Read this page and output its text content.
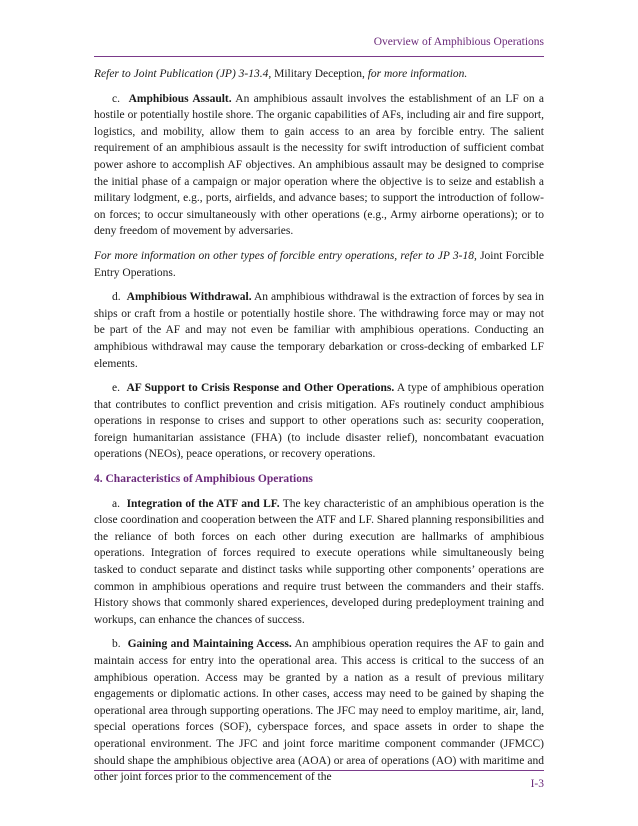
Overview of Amphibious Operations

Refer to Joint Publication (JP) 3-13.4, Military Deception, for more information.

c. Amphibious Assault. An amphibious assault involves the establishment of an LF on a hostile or potentially hostile shore. The organic capabilities of AFs, including air and fire support, logistics, and mobility, allow them to gain access to an area by forcible entry. The salient requirement of an amphibious assault is the necessity for swift introduction of sufficient combat power ashore to accomplish AF objectives. An amphibious assault may be designed to comprise the initial phase of a campaign or major operation where the objective is to seize and establish a military lodgment, e.g., ports, airfields, and advance bases; to support the introduction of follow-on forces; to occur simultaneously with other operations (e.g., Army airborne operations); or to deny freedom of movement by adversaries.

For more information on other types of forcible entry operations, refer to JP 3-18, Joint Forcible Entry Operations.

d. Amphibious Withdrawal. An amphibious withdrawal is the extraction of forces by sea in ships or craft from a hostile or potentially hostile shore. The withdrawing force may or may not be part of the AF and may not even be familiar with amphibious operations. Conducting an amphibious withdrawal may cause the temporary debarkation or cross-decking of embarked LF elements.

e. AF Support to Crisis Response and Other Operations. A type of amphibious operation that contributes to conflict prevention and crisis mitigation. AFs routinely conduct amphibious operations in response to crises and support to other operations such as: security cooperation, foreign humanitarian assistance (FHA) (to include disaster relief), noncombatant evacuation operations (NEOs), peace operations, or recovery operations.

4. Characteristics of Amphibious Operations

a. Integration of the ATF and LF. The key characteristic of an amphibious operation is the close coordination and cooperation between the ATF and LF. Shared planning responsibilities and the reliance of both forces on each other during execution are hallmarks of amphibious operations. Integration of forces required to execute operations while simultaneously being tasked to conduct separate and distinct tasks while supporting other components’ operations are common in amphibious operations and require trust between the commanders and their staffs. History shows that commonly shared experiences, developed during predeployment training and workups, can enhance the chances of success.

b. Gaining and Maintaining Access. An amphibious operation requires the AF to gain and maintain access for entry into the operational area. This access is critical to the success of an amphibious operation. Access may be granted by a nation as a result of previous military engagements or diplomatic actions. In other cases, access may need to be gained by shaping the operational area through supporting operations. The JFC may need to employ maritime, air, land, special operations forces (SOF), cyberspace forces, and space assets in order to shape the operational environment. The JFC and joint force maritime component commander (JFMCC) should shape the amphibious objective area (AOA) or area of operations (AO) with maritime and other joint forces prior to the commencement of the

I-3
